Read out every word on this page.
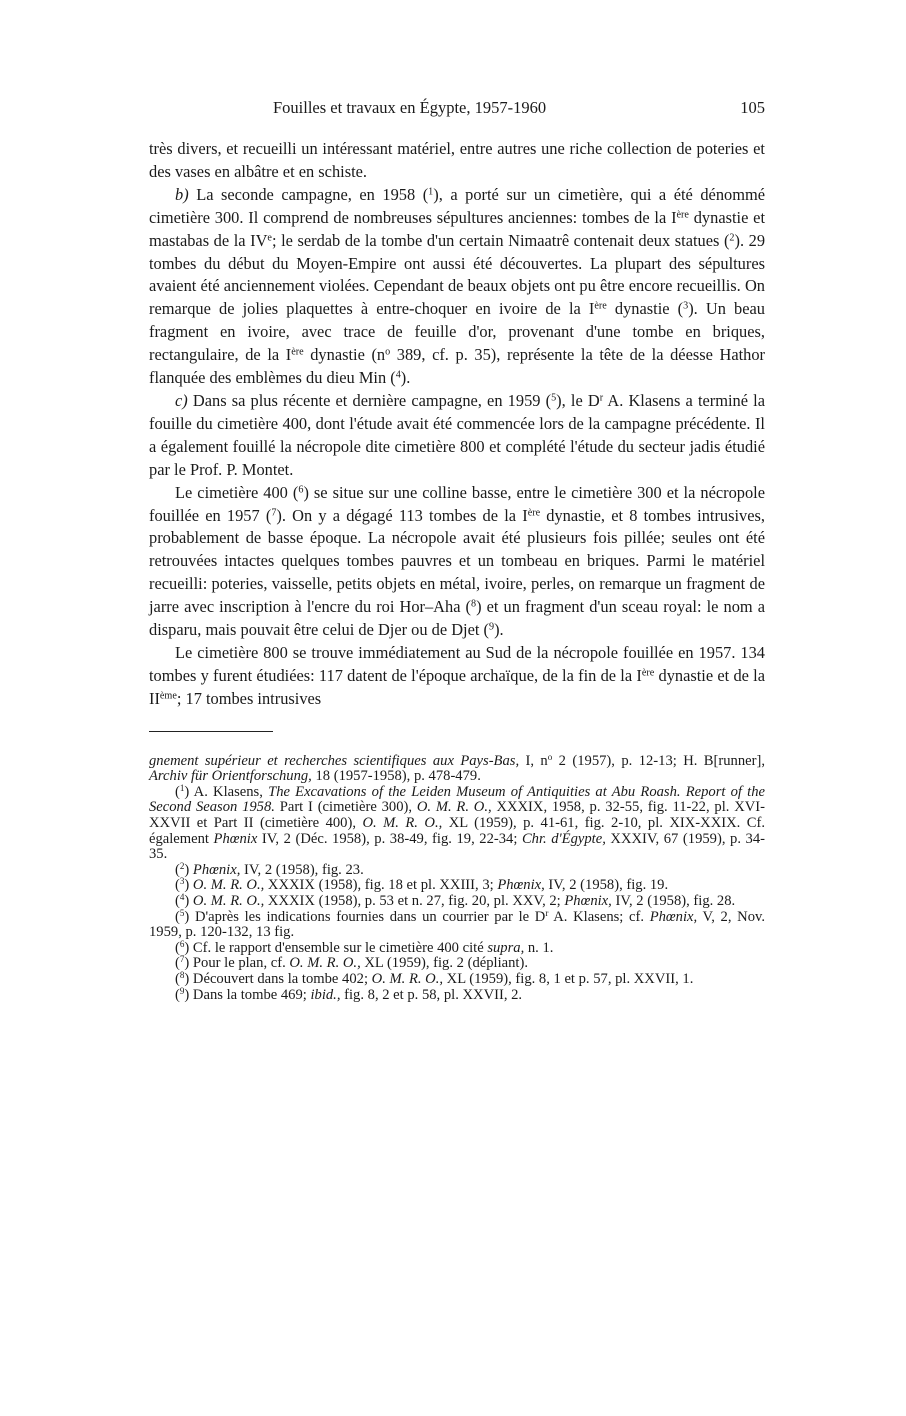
Fouilles et travaux en Égypte, 1957-1960	105

très divers, et recueilli un intéressant matériel, entre autres une riche collection de poteries et des vases en albâtre et en schiste.

b) La seconde campagne, en 1958 ($^1$), a porté sur un cimetière, qui a été dénommé cimetière 300. Il comprend de nombreuses sépultures anciennes: tombes de la Ière dynastie et mastabas de la IVe; le serdab de la tombe d'un certain Nimaatrê contenait deux statues ($^2$). 29 tombes du début du Moyen-Empire ont aussi été découvertes. La plupart des sépultures avaient été anciennement violées. Cependant de beaux objets ont pu être encore recueillis. On remarque de jolies plaquettes à entre-choquer en ivoire de la Ière dynastie ($^3$). Un beau fragment en ivoire, avec trace de feuille d'or, provenant d'une tombe en briques, rectangulaire, de la Ière dynastie ($n^o$ 389, cf. p. 35), représente la tête de la déesse Hathor flanquée des emblèmes du dieu Min ($^4$).

c) Dans sa plus récente et dernière campagne, en 1959 ($^5$), le $D^r$ A. Klasens a terminé la fouille du cimetière 400, dont l'étude avait été commencée lors de la campagne précédente. Il a également fouillé la nécropole dite cimetière 800 et complété l'étude du secteur jadis étudié par le Prof. P. Montet.

Le cimetière 400 ($^6$) se situe sur une colline basse, entre le cimetière 300 et la nécropole fouillée en 1957 ($^7$). On y a dégagé 113 tombes de la Ière dynastie, et 8 tombes intrusives, probablement de basse époque. La nécropole avait été plusieurs fois pillée; seules ont été retrouvées intactes quelques tombes pauvres et un tombeau en briques. Parmi le matériel recueilli: poteries, vaisselle, petits objets en métal, ivoire, perles, on remarque un fragment de jarre avec inscription à l'encre du roi Hor–Aha ($^8$) et un fragment d'un sceau royal: le nom a disparu, mais pouvait être celui de Djer ou de Djet ($^9$).

Le cimetière 800 se trouve immédiatement au Sud de la nécropole fouillée en 1957. 134 tombes y furent étudiées: 117 datent de l'époque archaïque, de la fin de la Ière dynastie et de la IIème; 17 tombes intrusives

gnement supérieur et recherches scientifiques aux Pays-Bas, I, $n^o$ 2 (1957), p. 12-13; H. B[runner], Archiv für Orientforschung, 18 (1957-1958), p. 478-479.

($^1$) A. Klasens, The Excavations of the Leiden Museum of Antiquities at Abu Roash. Report of the Second Season 1958. Part I (cimetière 300), O. M. R. O., XXXIX, 1958, p. 32-55, fig. 11-22, pl. XVI-XXVII et Part II (cimetière 400), O. M. R. O., XL (1959), p. 41-61, fig. 2-10, pl. XIX-XXIX. Cf. également Phœnix IV, 2 (Déc. 1958), p. 38-49, fig. 19, 22-34; Chr. d'Égypte, XXXIV, 67 (1959), p. 34-35.

($^2$) Phœnix, IV, 2 (1958), fig. 23.

($^3$) O. M. R. O., XXXIX (1958), fig. 18 et pl. XXIII, 3; Phœnix, IV, 2 (1958), fig. 19.

($^4$) O. M. R. O., XXXIX (1958), p. 53 et n. 27, fig. 20, pl. XXV, 2; Phœnix, IV, 2 (1958), fig. 28.

($^5$) D'après les indications fournies dans un courrier par le $D^r$ A. Klasens; cf. Phœnix, V, 2, Nov. 1959, p. 120-132, 13 fig.

($^6$) Cf. le rapport d'ensemble sur le cimetière 400 cité supra, n. 1.

($^7$) Pour le plan, cf. O. M. R. O., XL (1959), fig. 2 (dépliant).

($^8$) Découvert dans la tombe 402; O. M. R. O., XL (1959), fig. 8, 1 et p. 57, pl. XXVII, 1.

($^9$) Dans la tombe 469; ibid., fig. 8, 2 et p. 58, pl. XXVII, 2.
